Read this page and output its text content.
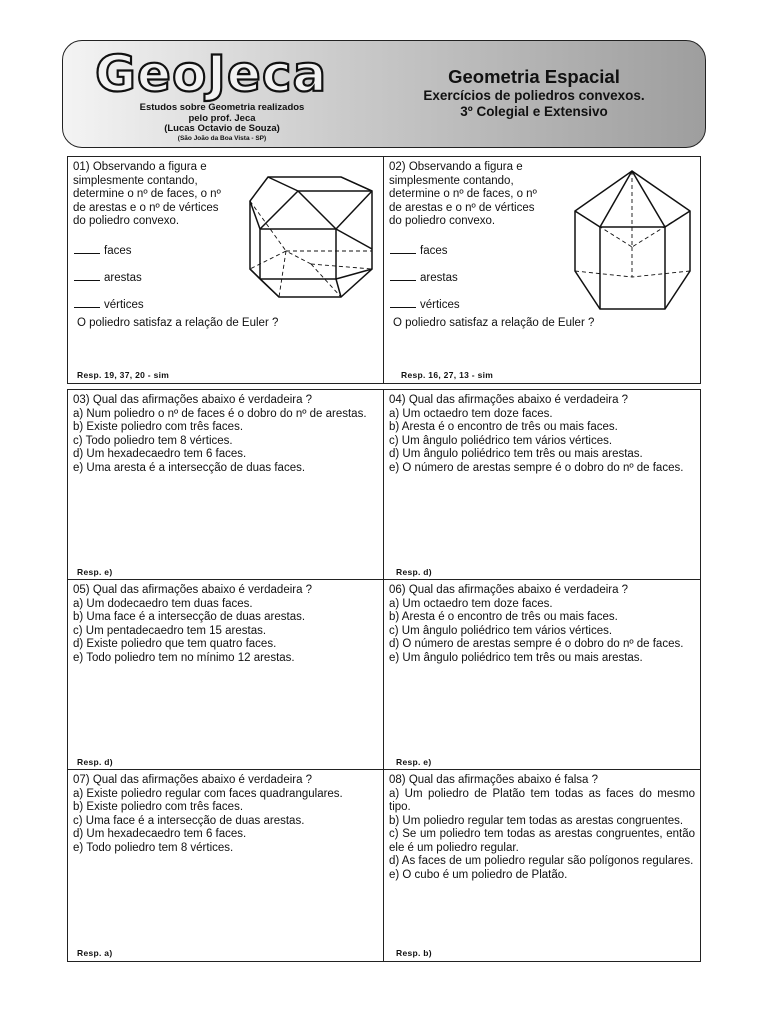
GeoJeca
Estudos sobre Geometria realizados
pelo prof. Jeca
(Lucas Octavio de Souza)
(São João da Boa Vista - SP)
Geometria Espacial
Exercícios de poliedros convexos.
3º Colegial e Extensivo
01) Observando a figura e
simplesmente contando,
determine o nº de faces, o nº
de arestas e o nº de vértices
do poliedro convexo.
faces
arestas
vértices
O poliedro satisfaz a relação de Euler ?
Resp. 19, 37, 20 - sim
02) Observando a figura e
simplesmente contando,
determine o nº de faces, o nº
de arestas e o nº de vértices
do poliedro convexo.
faces
arestas
vértices
O poliedro satisfaz a relação de Euler ?
Resp. 16, 27, 13 - sim
03) Qual das afirmações abaixo é verdadeira ?
a) Num poliedro o nº de faces é o dobro do nº de arestas.
b) Existe poliedro com três faces.
c) Todo poliedro tem 8 vértices.
d) Um hexadecaedro tem 6 faces.
e) Uma aresta é a intersecção de duas faces.
Resp. e)
04) Qual das afirmações abaixo é verdadeira ?
a) Um octaedro tem doze faces.
b) Aresta é o encontro de três ou mais faces.
c) Um ângulo poliédrico tem vários vértices.
d) Um ângulo poliédrico tem três ou mais arestas.
e) O número de arestas sempre é o dobro do nº de faces.
Resp. d)
05) Qual das afirmações abaixo é verdadeira ?
a) Um dodecaedro tem duas faces.
b) Uma face é a intersecção de duas arestas.
c) Um pentadecaedro tem 15 arestas.
d) Existe poliedro que tem quatro faces.
e) Todo poliedro tem no mínimo 12 arestas.
Resp. d)
06) Qual das afirmações abaixo é verdadeira ?
a) Um octaedro tem doze faces.
b) Aresta é o encontro de três ou mais faces.
c) Um ângulo poliédrico tem vários vértices.
d) O número de arestas sempre é o dobro do nº de faces.
e) Um ângulo poliédrico tem três ou mais arestas.
Resp. e)
07) Qual das afirmações abaixo é verdadeira ?
a) Existe poliedro regular com faces quadrangulares.
b) Existe poliedro com três faces.
c) Uma face é a intersecção de duas arestas.
d) Um hexadecaedro tem 6 faces.
e) Todo poliedro tem 8 vértices.
Resp. a)
08) Qual das afirmações abaixo é falsa ?
a) Um poliedro de Platão tem todas as faces do mesmo tipo.
b) Um poliedro regular tem todas as arestas congruentes.
c) Se um poliedro tem todas as arestas congruentes, então ele é um poliedro regular.
d) As faces de um poliedro regular são polígonos regulares.
e) O cubo é um poliedro de Platão.
Resp. b)
